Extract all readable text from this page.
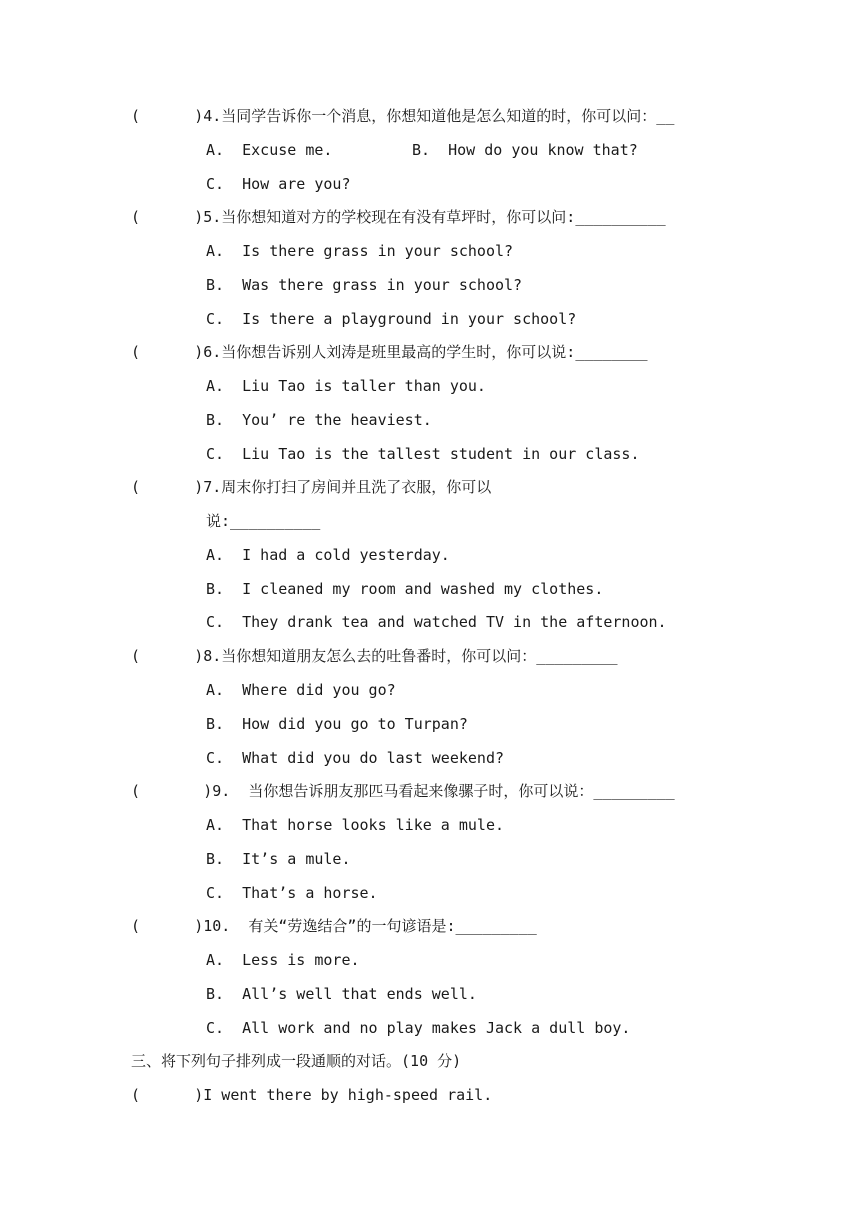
(      )4.当同学告诉你一个消息，你想知道他是怎么知道的时，你可以问：__
A.  Excuse me.	B.  How do you know that?
C.  How are you?
(      )5.当你想知道对方的学校现在有没有草坪时，你可以问:__________
A.  Is there grass in your school?
B.  Was there grass in your school?
C.  Is there a playground in your school?
(      )6.当你想告诉别人刘涛是班里最高的学生时，你可以说:________
A.  Liu Tao is taller than you.
B.  You’ re the heaviest.
C.  Liu Tao is the tallest student in our class.
(      )7.周末你打扫了房间并且洗了衣服，你可以
说:__________
A.  I had a cold yesterday.
B.  I cleaned my room and washed my clothes.
C.  They drank tea and watched TV in the afternoon.
(      )8.当你想知道朋友怎么去的吐鲁番时，你可以问：_________
A.  Where did you go?
B.  How did you go to Turpan?
C.  What did you do last weekend?
(       )9.  当你想告诉朋友那匹马看起来像骡子时，你可以说：_________
A.  That horse looks like a mule.
B.  It’s a mule.
C.  That’s a horse.
(      )10.  有关“劳逸结合”的一句谚语是:_________
A.  Less is more.
B.  All’s well that ends well.
C.  All work and no play makes Jack a dull boy.
三、将下列句子排列成一段通顺的对话。(10 分)
(      )I went there by high-speed rail.
